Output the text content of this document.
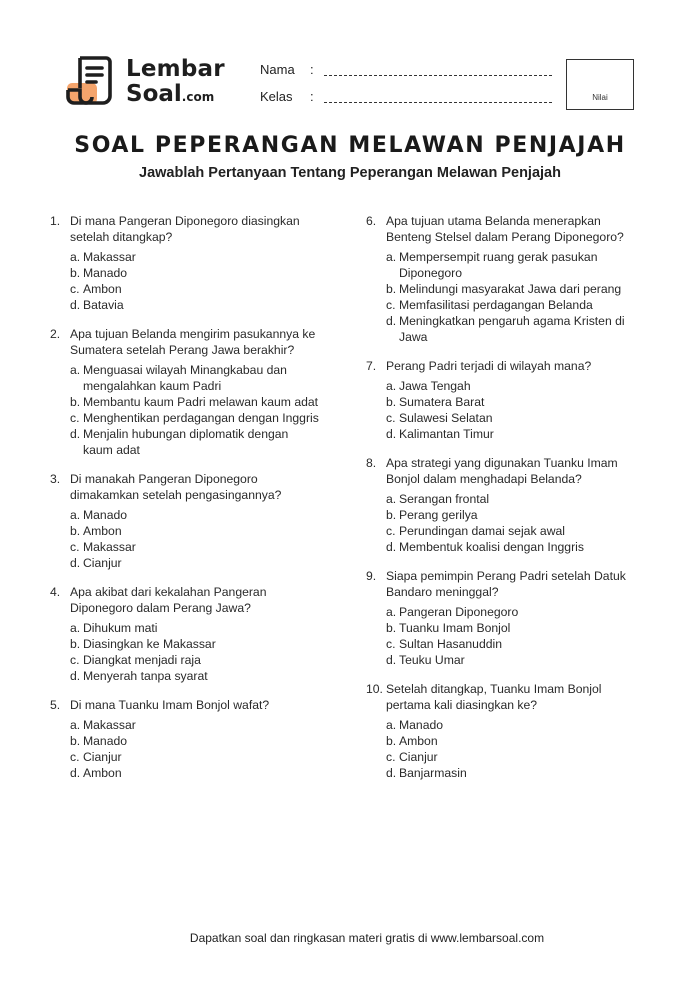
Lembar
Soal.com
Nama :
Kelas :	Nilai
SOAL PEPERANGAN MELAWAN PENJAJAH
Jawablah Pertanyaan Tentang Peperangan Melawan Penjajah
1. Di mana Pangeran Diponegoro diasingkan setelah ditangkap?
a. Makassar
b. Manado
c. Ambon
d. Batavia
2. Apa tujuan Belanda mengirim pasukannya ke Sumatera setelah Perang Jawa berakhir?
a. Menguasai wilayah Minangkabau dan mengalahkan kaum Padri
b. Membantu kaum Padri melawan kaum adat
c. Menghentikan perdagangan dengan Inggris
d. Menjalin hubungan diplomatik dengan kaum adat
3. Di manakah Pangeran Diponegoro dimakamkan setelah pengasingannya?
a. Manado
b. Ambon
c. Makassar
d. Cianjur
4. Apa akibat dari kekalahan Pangeran Diponegoro dalam Perang Jawa?
a. Dihukum mati
b. Diasingkan ke Makassar
c. Diangkat menjadi raja
d. Menyerah tanpa syarat
5. Di mana Tuanku Imam Bonjol wafat?
a. Makassar
b. Manado
c. Cianjur
d. Ambon
6. Apa tujuan utama Belanda menerapkan Benteng Stelsel dalam Perang Diponegoro?
a. Mempersempit ruang gerak pasukan Diponegoro
b. Melindungi masyarakat Jawa dari perang
c. Memfasilitasi perdagangan Belanda
d. Meningkatkan pengaruh agama Kristen di Jawa
7. Perang Padri terjadi di wilayah mana?
a. Jawa Tengah
b. Sumatera Barat
c. Sulawesi Selatan
d. Kalimantan Timur
8. Apa strategi yang digunakan Tuanku Imam Bonjol dalam menghadapi Belanda?
a. Serangan frontal
b. Perang gerilya
c. Perundingan damai sejak awal
d. Membentuk koalisi dengan Inggris
9. Siapa pemimpin Perang Padri setelah Datuk Bandaro meninggal?
a. Pangeran Diponegoro
b. Tuanku Imam Bonjol
c. Sultan Hasanuddin
d. Teuku Umar
10. Setelah ditangkap, Tuanku Imam Bonjol pertama kali diasingkan ke?
a. Manado
b. Ambon
c. Cianjur
d. Banjarmasin
Dapatkan soal dan ringkasan materi gratis di www.lembarsoal.com
